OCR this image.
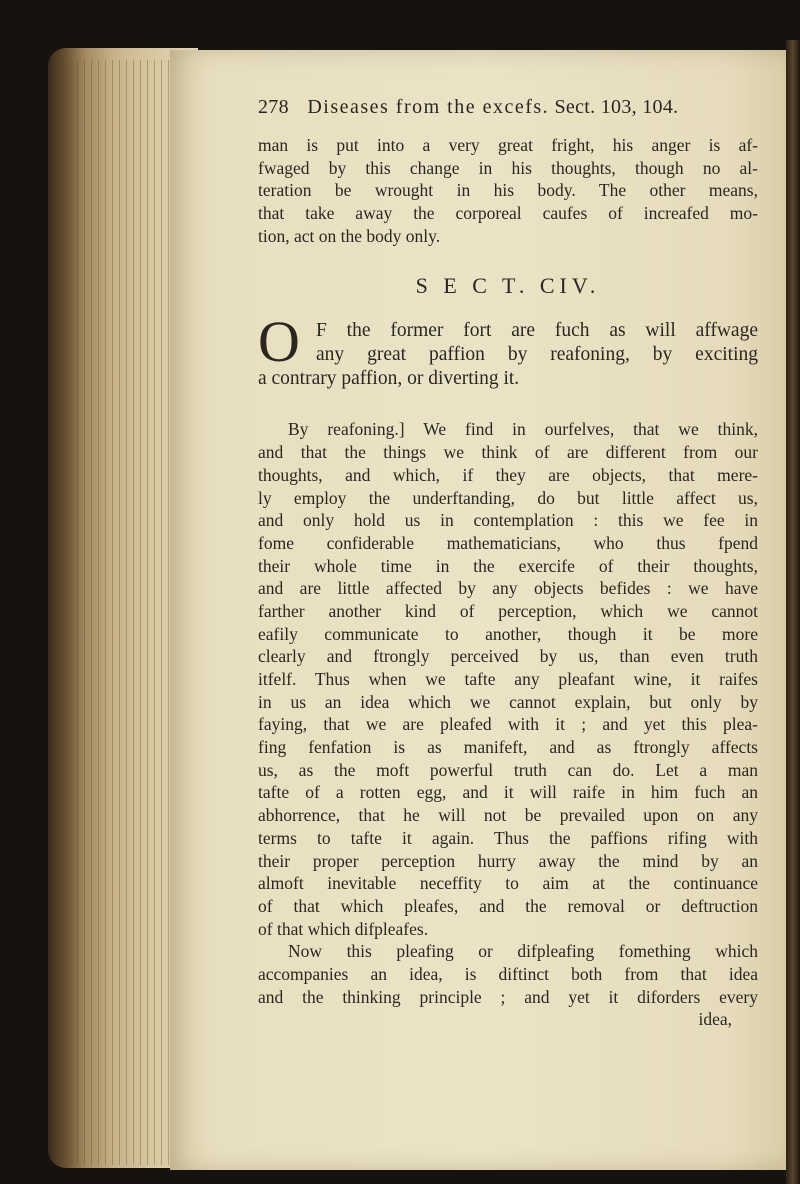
278 Diseases from the excefs. Sect. 103, 104.
man is put into a very great fright, his anger is af-
fwaged by this change in his thoughts, though no al-
teration be wrought in his body. The other means,
that take away the corporeal caufes of increafed mo-
tion, act on the body only.
S E C T. CIV.
O F the former fort are fuch as will affwage
any great paffion by reafoning, by exciting
a contrary paffion, or diverting it.
By reafoning.] We find in ourfelves, that we think,
and that the things we think of are different from our
thoughts, and which, if they are objects, that mere-
ly employ the underftanding, do but little affect us,
and only hold us in contemplation : this we fee in
fome confiderable mathematicians, who thus fpend
their whole time in the exercife of their thoughts,
and are little affected by any objects befides : we have
farther another kind of perception, which we cannot
eafily communicate to another, though it be more
clearly and ftrongly perceived by us, than even truth
itfelf. Thus when we tafte any pleafant wine, it raifes
in us an idea which we cannot explain, but only by
faying, that we are pleafed with it ; and yet this plea-
fing fenfation is as manifeft, and as ftrongly affects
us, as the moft powerful truth can do. Let a man
tafte of a rotten egg, and it will raife in him fuch an
abhorrence, that he will not be prevailed upon on any
terms to tafte it again. Thus the paffions rifing with
their proper perception hurry away the mind by an
almoft inevitable neceffity to aim at the continuance
of that which pleafes, and the removal or deftruction
of that which difpleafes.
Now this pleafing or difpleafing fomething which
accompanies an idea, is diftinct both from that idea
and the thinking principle ; and yet it diforders every
idea,
